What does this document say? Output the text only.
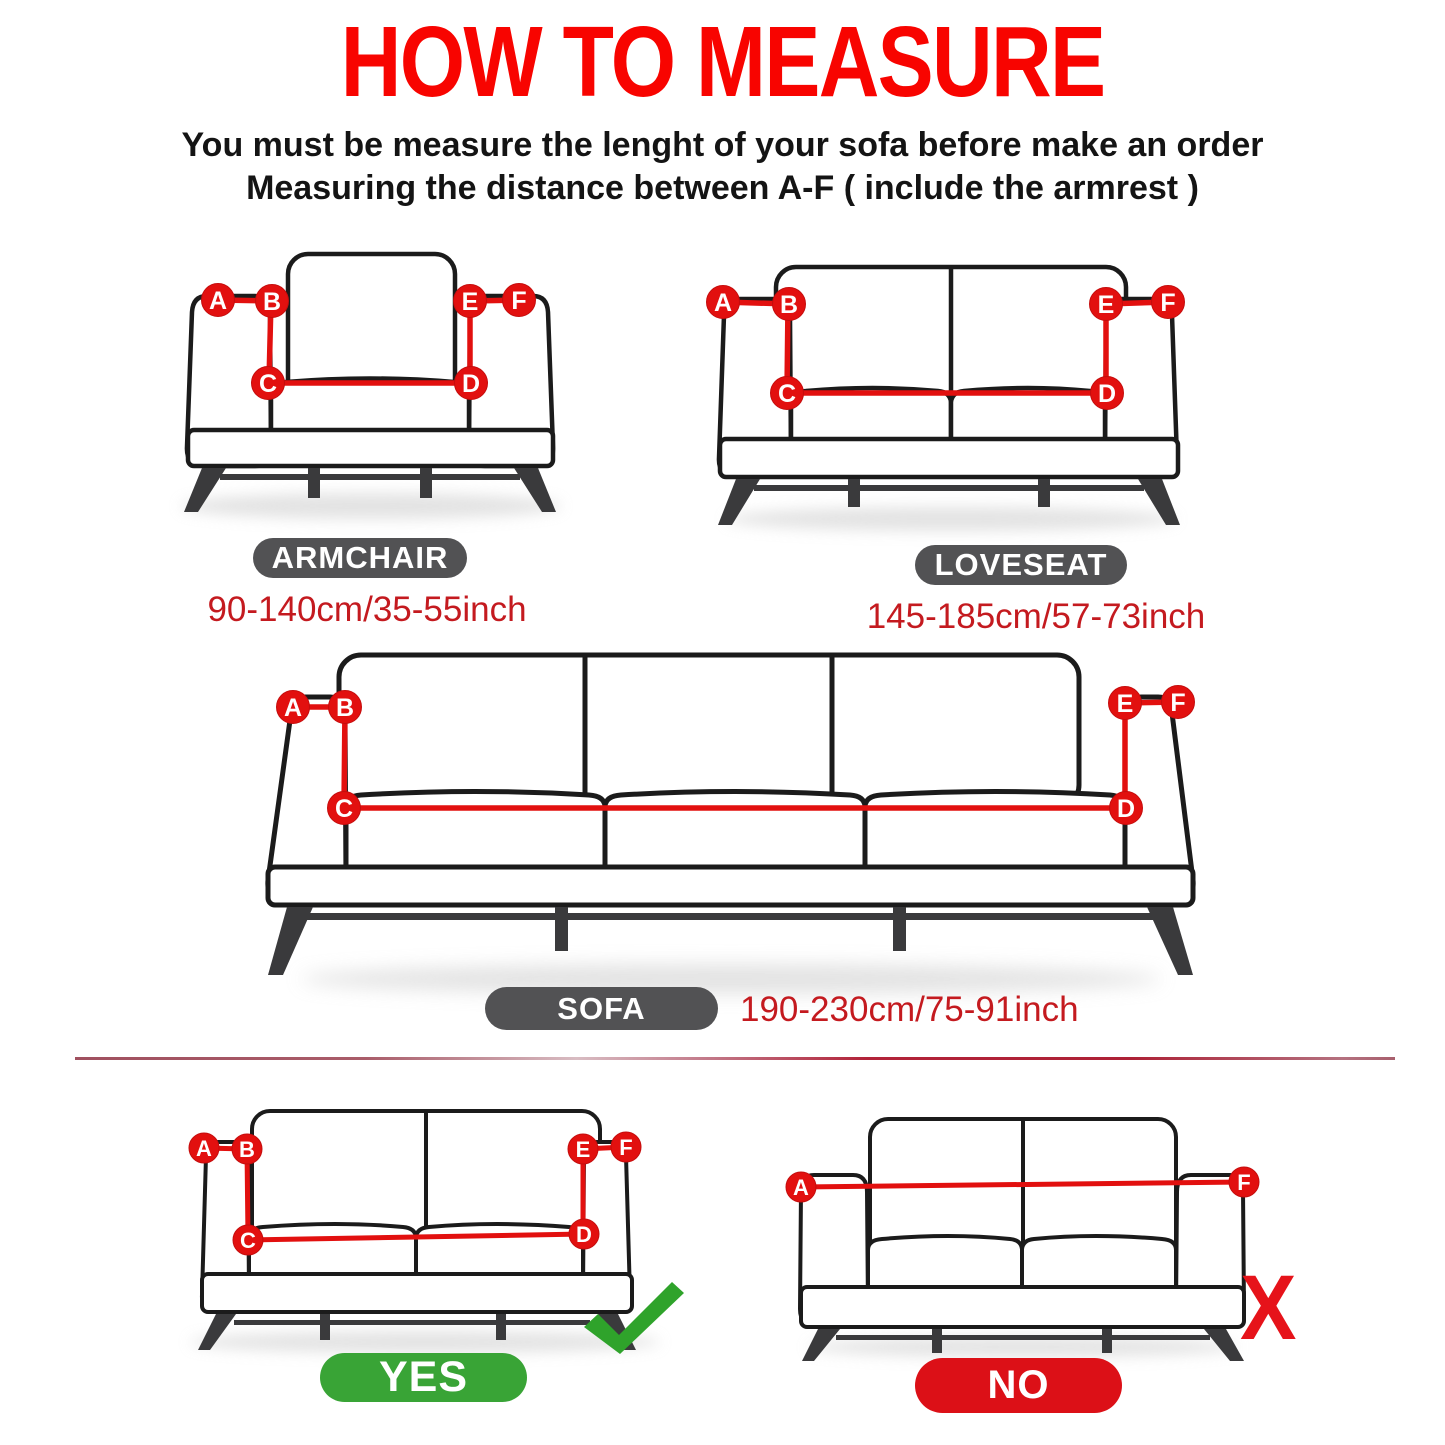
HOW TO MEASURE
You must be measure the lenght of your sofa before make an order
Measuring the distance between A-F ( include the armrest )
A B
C	D
E F
ARMCHAIR
90-140cm/35-55inch
A B
C	D
E F
LOVESEAT
145-185cm/57-73inch
A B
C	D
E F
SOFA	190-230cm/75-91inch
A B
C	D
E F
YES
A	F
X
NO
